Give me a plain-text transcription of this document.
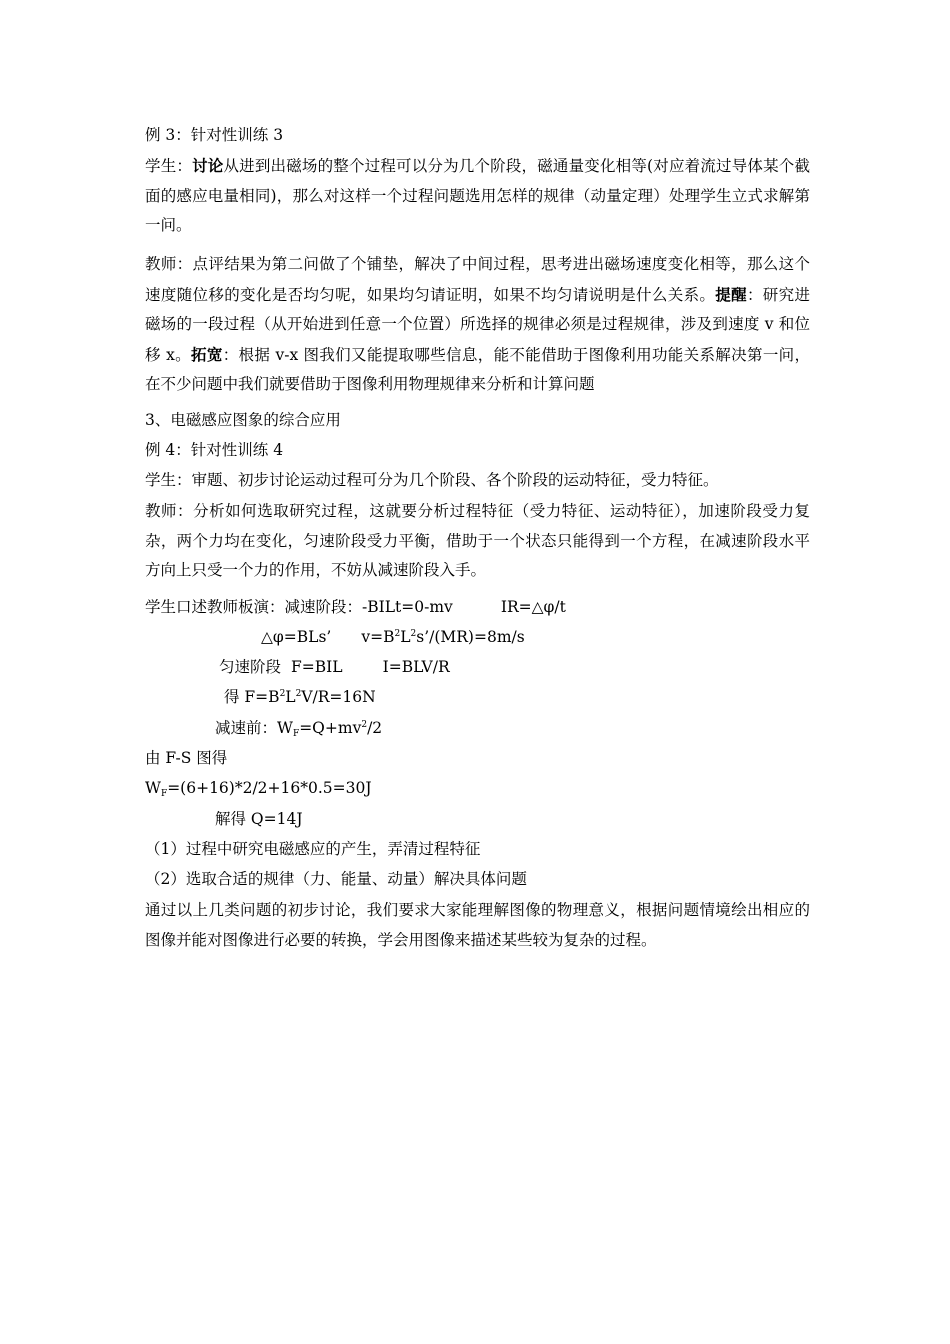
例 3：针对性训练 3
学生：讨论从进到出磁场的整个过程可以分为几个阶段，磁通量变化相等(对应着流过导体某个截面的感应电量相同)，那么对这样一个过程问题选用怎样的规律（动量定理）处理学生立式求解第一问。
教师：点评结果为第二问做了个铺垫，解决了中间过程，思考进出磁场速度变化相等，那么这个速度随位移的变化是否均匀呢，如果均匀请证明，如果不均匀请说明是什么关系。提醒：研究进磁场的一段过程（从开始进到任意一个位置）所选择的规律必须是过程规律，涉及到速度 v 和位移 x。拓宽：根据 v-x 图我们又能提取哪些信息，能不能借助于图像利用功能关系解决第一问，在不少问题中我们就要借助于图像利用物理规律来分析和计算问题
3、电磁感应图象的综合应用
例 4：针对性训练 4
学生：审题、初步讨论运动过程可分为几个阶段、各个阶段的运动特征，受力特征。
教师：分析如何选取研究过程，这就要分析过程特征（受力特征、运动特征），加速阶段受力复杂，两个力均在变化，匀速阶段受力平衡，借助于一个状态只能得到一个方程，在减速阶段水平方向上只受一个力的作用，不妨从减速阶段入手。
学生口述教师板演：减速阶段：-BILt=0-mv	IR=△φ/t
△φ=BLs’ $v=B^2L^2s’/(MR)=8m/s$
匀速阶段 F=BIL	I=BLV/R
得 $F=B^2L^2V/R=16N$
减速前：$W_F=Q+mv^2/2$
由 F-S 图得
$W_F=(6+16)*2/2+16*0.5=30J$
解得 Q=14J
（1）过程中研究电磁感应的产生，弄清过程特征
（2）选取合适的规律（力、能量、动量）解决具体问题
通过以上几类问题的初步讨论，我们要求大家能理解图像的物理意义，根据问题情境绘出相应的图像并能对图像进行必要的转换，学会用图像来描述某些较为复杂的过程。
